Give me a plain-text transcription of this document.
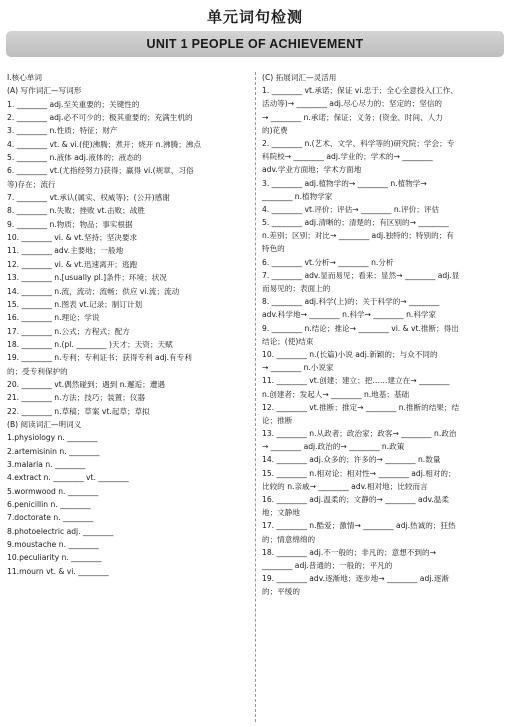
单元词句检测
UNIT 1 PEOPLE OF ACHIEVEMENT
Ⅰ.核心单词
(A) 写作词汇—写词形
1. ________ adj.至关重要的；关键性的
2. ________ adj.必不可少的；极其重要的；充满生机的
3. ________ n.性质；特征；财产
4. ________ vt. & vi.(使)沸腾；煮开；烧开 n.沸腾；沸点
5. ________ n.液体 adj.液体的；液态的
6. ________ vt.(尤指经努力)获得；赢得 vi.(规章、习俗
等)存在；流行
7. ________ vt.承认(属实、权威等)；(公开)感谢
8. ________ n.失败；挫败 vt.击败；战胜
9. ________ n.物质；物品；事实根据
10. ________ vi. & vt.坚持；坚决要求
11. ________ adv.主要地；一般地
12. ________ vi. & vt.迅速离开；逃跑
13. ________ n.[usually pl.]条件；环境；状况
14. ________ n.流，流动；流畅；供应 vi.流；流动
15. ________ n.图表 vt.记录；制订计划
16. ________ n.理论；学说
17. ________ n.公式；方程式；配方
18. ________ n.(pl. ________ )天才；天资；天赋
19. ________ n.专利；专利证书；获得专利 adj.有专利
的；受专利保护的
20. ________ vt.偶然碰到；遇到 n.邂逅；遭遇
21. ________ n.方法；技巧；装置；仪器
22. ________ n.草稿；草案 vt.起草；草拟
(B) 阅读词汇—明词义
1.physiology n. ________
2.artemisinin n. ________
3.malaria n. ________
4.extract n. ________ vt. ________
5.wormwood n. ________
6.penicillin n. ________
7.doctorate n. ________
8.photoelectric adj. ________
9.moustache n. ________
10.peculiarity n. ________
11.mourn vt. & vi. ________
(C) 拓展词汇—灵活用
1. ________ vt.承诺；保证 vi.忠于；全心全意投入(工作、
活动等)→ ________ adj.尽心尽力的；坚定的；坚信的
→ ________ n.承诺；保证；义务；(资金、时间、人力
的)花费
2. ________ n.(艺术、文学、科学等的)研究院；学会；专
科院校→ ________ adj.学业的；学术的→ ________
adv.学业方面地；学术方面地
3. ________ adj.植物学的→ ________ n.植物学→
________ n.植物学家
4. ________ vt.评价；评估→ ________ n.评价；评估
5. ________ adj.清晰的；清楚的；有区别的→ ________
n.差别；区别；对比→ ________ adj.独特的；特别的；有
特色的
6. ________ vt.分析→ ________ n.分析
7. ________ adv.显而易见；看来；显然→ ________ adj.显
而易见的；表面上的
8. ________ adj.科学(上)的；关于科学的→ ________
adv.科学地→ ________ n.科学→ ________ n.科学家
9. ________ n.结论；推论→ ________ vi. & vt.推断；得出
结论；(使)结束
10. ________ n.(长篇)小说 adj.新颖的；与众不同的
→ ________ n.小说家
11. ________ vt.创建；建立；把……建立在→ ________
n.创建者；发起人→ ________ n.地基；基础
12. ________ vt.推断；推定→ ________ n.推断的结果；结
论；推断
13. ________ n.从政者；政治家；政客→ ________ n.政治
→ ________ adj.政治的→ ________ n.政策
14. ________ adj.众多的；许多的→ ________ n.数量
15. ________ n.相对论；相对性→ ________ adj.相对的；
比较的 n.亲戚→ ________ adv.相对地；比较而言
16. ________ adj.温柔的；文静的→ ________ adv.温柔
地；文静地
17. ________ n.酷爱；激情→ ________ adj.热诚的；狂热
的；情意绵绵的
18. ________ adj.不一般的；非凡的；意想不到的→
________ adj.普通的；一般的；平凡的
19. ________ adv.逐渐地；逐步地→ ________ adj.逐渐
的；平缓的
